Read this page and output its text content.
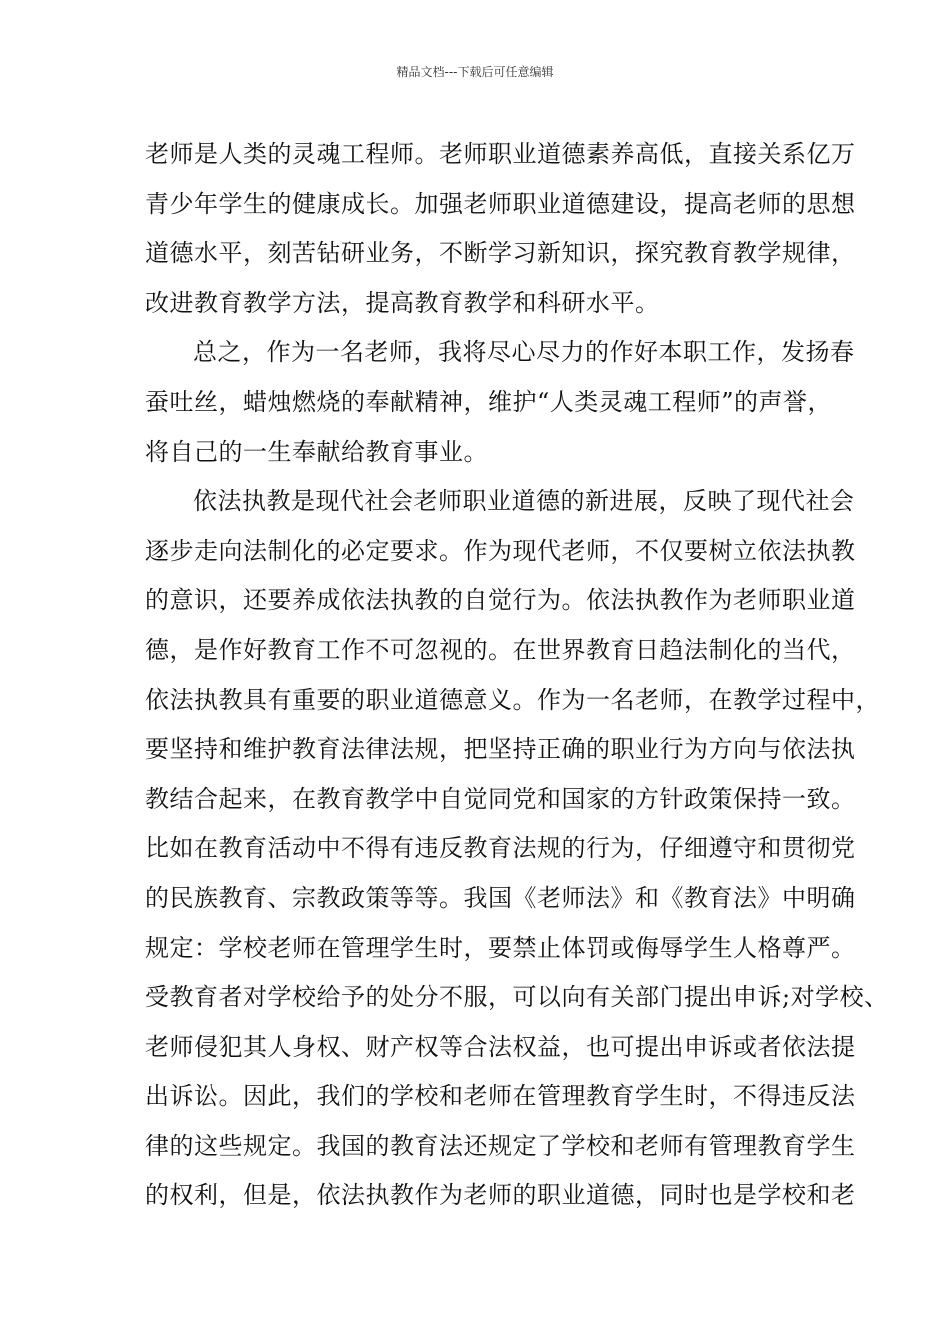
精品文档---下载后可任意编辑
老师是人类的灵魂工程师。老师职业道德素养高低，直接关系亿万
青少年学生的健康成长。加强老师职业道德建设，提高老师的思想
道德水平，刻苦钻研业务，不断学习新知识，探究教育教学规律，
改进教育教学方法，提高教育教学和科研水平。
总之，作为一名老师，我将尽心尽力的作好本职工作，发扬春
蚕吐丝，蜡烛燃烧的奉献精神，维护“人类灵魂工程师”的声誉，
将自己的一生奉献给教育事业。
依法执教是现代社会老师职业道德的新进展，反映了现代社会
逐步走向法制化的必定要求。作为现代老师，不仅要树立依法执教
的意识，还要养成依法执教的自觉行为。依法执教作为老师职业道
德，是作好教育工作不可忽视的。在世界教育日趋法制化的当代，
依法执教具有重要的职业道德意义。作为一名老师，在教学过程中，
要坚持和维护教育法律法规，把坚持正确的职业行为方向与依法执
教结合起来，在教育教学中自觉同党和国家的方针政策保持一致。
比如在教育活动中不得有违反教育法规的行为，仔细遵守和贯彻党
的民族教育、宗教政策等等。我国《老师法》和《教育法》中明确
规定：学校老师在管理学生时，要禁止体罚或侮辱学生人格尊严。
受教育者对学校给予的处分不服，可以向有关部门提出申诉;对学校、
老师侵犯其人身权、财产权等合法权益，也可提出申诉或者依法提
出诉讼。因此，我们的学校和老师在管理教育学生时，不得违反法
律的这些规定。我国的教育法还规定了学校和老师有管理教育学生
的权利，但是，依法执教作为老师的职业道德，同时也是学校和老
